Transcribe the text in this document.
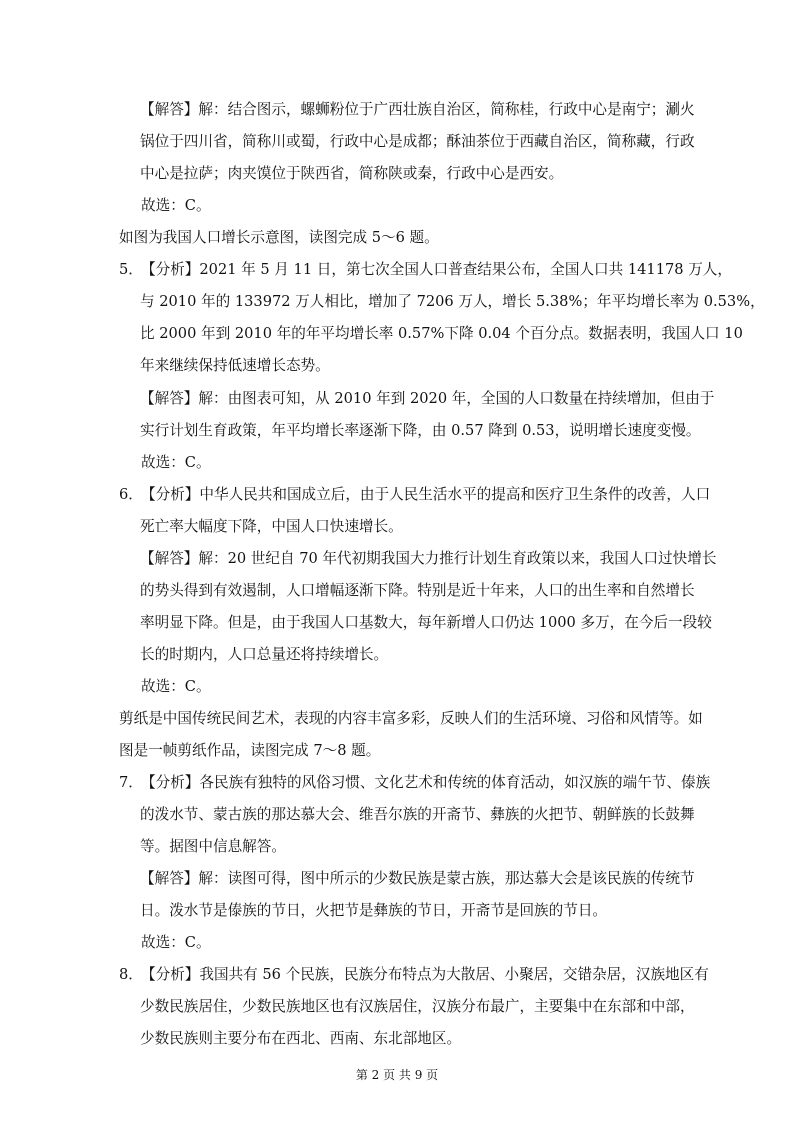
【解答】解：结合图示，螺蛳粉位于广西壮族自治区，简称桂，行政中心是南宁；涮火
锅位于四川省，简称川或蜀，行政中心是成都；酥油茶位于西藏自治区，简称藏，行政
中心是拉萨；肉夹馍位于陕西省，简称陕或秦，行政中心是西安。
故选：C。
如图为我国人口增长示意图，读图完成 5～6 题。
5．【分析】2021 年 5 月 11 日，第七次全国人口普查结果公布，全国人口共 141178 万人，
与 2010 年的 133972 万人相比，增加了 7206 万人，增长 5.38%；年平均增长率为 0.53%，
比 2000 年到 2010 年的年平均增长率 0.57%下降 0.04 个百分点。数据表明，我国人口 10
年来继续保持低速增长态势。
【解答】解：由图表可知，从 2010 年到 2020 年，全国的人口数量在持续增加，但由于
实行计划生育政策，年平均增长率逐渐下降，由 0.57 降到 0.53，说明增长速度变慢。
故选：C。
6．【分析】中华人民共和国成立后，由于人民生活水平的提高和医疗卫生条件的改善，人口
死亡率大幅度下降，中国人口快速增长。
【解答】解：20 世纪自 70 年代初期我国大力推行计划生育政策以来，我国人口过快增长
的势头得到有效遏制，人口增幅逐渐下降。特别是近十年来，人口的出生率和自然增长
率明显下降。但是，由于我国人口基数大，每年新增人口仍达 1000 多万，在今后一段较
长的时期内，人口总量还将持续增长。
故选：C。
剪纸是中国传统民间艺术，表现的内容丰富多彩，反映人们的生活环境、习俗和风情等。如
图是一帧剪纸作品，读图完成 7～8 题。
7．【分析】各民族有独特的风俗习惯、文化艺术和传统的体育活动，如汉族的端午节、傣族
的泼水节、蒙古族的那达慕大会、维吾尔族的开斋节、彝族的火把节、朝鲜族的长鼓舞
等。据图中信息解答。
【解答】解：读图可得，图中所示的少数民族是蒙古族，那达慕大会是该民族的传统节
日。泼水节是傣族的节日，火把节是彝族的节日，开斋节是回族的节日。
故选：C。
8．【分析】我国共有 56 个民族，民族分布特点为大散居、小聚居，交错杂居，汉族地区有
少数民族居住，少数民族地区也有汉族居住，汉族分布最广，主要集中在东部和中部，
少数民族则主要分布在西北、西南、东北部地区。
第 2 页 共 9 页
